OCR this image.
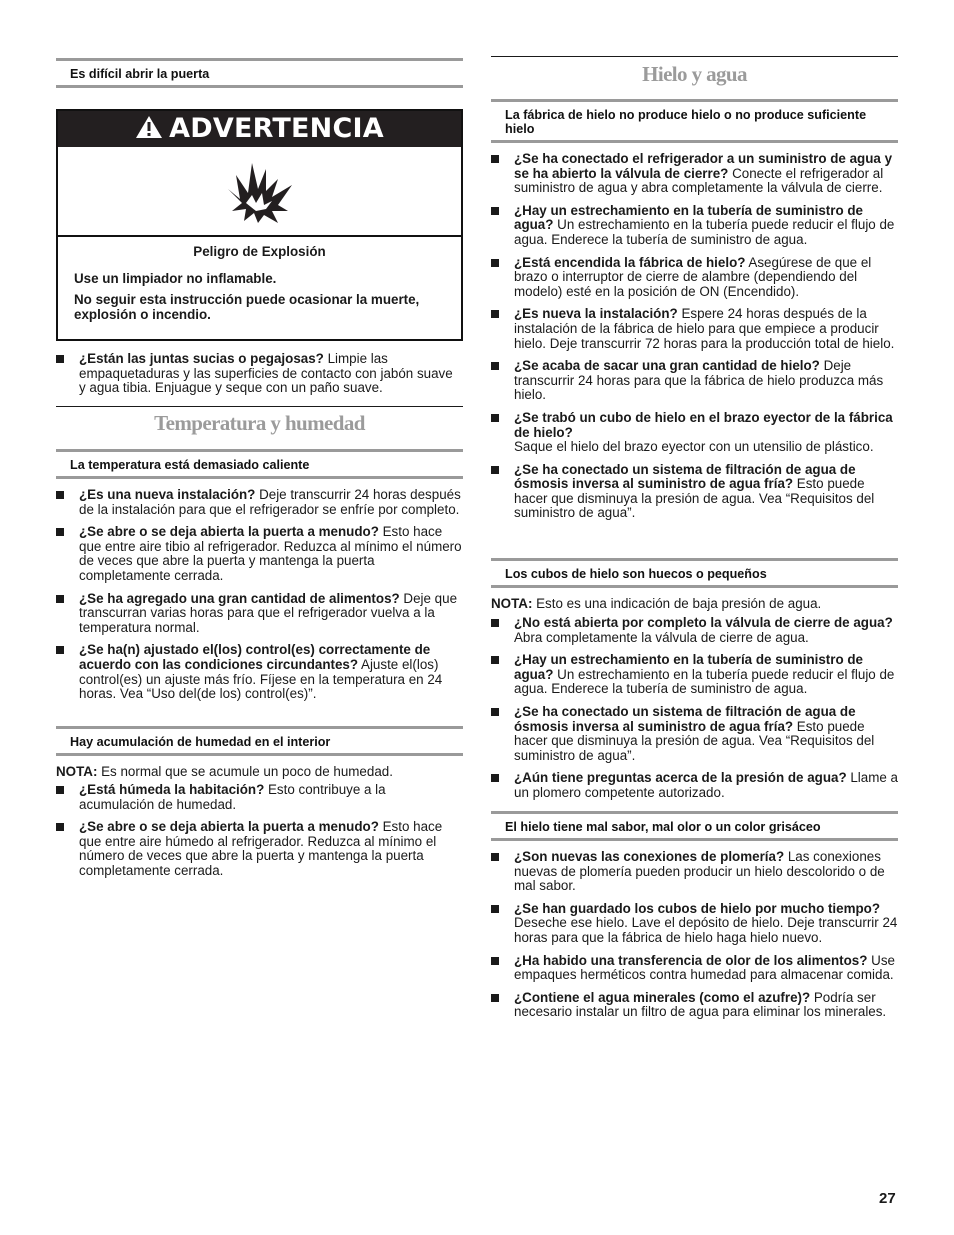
Es difícil abrir la puerta
ADVERTENCIA
Peligro de Explosión

Use un limpiador no inflamable.

No seguir esta instrucción puede ocasionar la muerte, explosión o incendio.

¿Están las juntas sucias o pegajosas? Limpie las empaquetaduras y las superficies de contacto con jabón suave y agua tibia. Enjuague y seque con un paño suave.
Temperatura y humedad
La temperatura está demasiado caliente
¿Es una nueva instalación? Deje transcurrir 24 horas después de la instalación para que el refrigerador se enfríe por completo.
¿Se abre o se deja abierta la puerta a menudo? Esto hace que entre aire tibio al refrigerador. Reduzca al mínimo el número de veces que abre la puerta y mantenga la puerta completamente cerrada.
¿Se ha agregado una gran cantidad de alimentos? Deje que transcurran varias horas para que el refrigerador vuelva a la temperatura normal.
¿Se ha(n) ajustado el(los) control(es) correctamente de acuerdo con las condiciones circundantes? Ajuste el(los) control(es) un ajuste más frío. Fíjese en la temperatura en 24 horas. Vea “Uso del(de los) control(es)”.
Hay acumulación de humedad en el interior
NOTA: Es normal que se acumule un poco de humedad.
¿Está húmeda la habitación? Esto contribuye a la acumulación de humedad.
¿Se abre o se deja abierta la puerta a menudo? Esto hace que entre aire húmedo al refrigerador. Reduzca al mínimo el número de veces que abre la puerta y mantenga la puerta completamente cerrada.
Hielo y agua
La fábrica de hielo no produce hielo o no produce suficiente hielo
¿Se ha conectado el refrigerador a un suministro de agua y se ha abierto la válvula de cierre? Conecte el refrigerador al suministro de agua y abra completamente la válvula de cierre.
¿Hay un estrechamiento en la tubería de suministro de agua? Un estrechamiento en la tubería puede reducir el flujo de agua. Enderece la tubería de suministro de agua.
¿Está encendida la fábrica de hielo? Asegúrese de que el brazo o interruptor de cierre de alambre (dependiendo del modelo) esté en la posición de ON (Encendido).
¿Es nueva la instalación? Espere 24 horas después de la instalación de la fábrica de hielo para que empiece a producir hielo. Deje transcurrir 72 horas para la producción total de hielo.
¿Se acaba de sacar una gran cantidad de hielo? Deje transcurrir 24 horas para que la fábrica de hielo produzca más hielo.
¿Se trabó un cubo de hielo en el brazo eyector de la fábrica de hielo?
Saque el hielo del brazo eyector con un utensilio de plástico.
¿Se ha conectado un sistema de filtración de agua de ósmosis inversa al suministro de agua fría? Esto puede hacer que disminuya la presión de agua. Vea “Requisitos del suministro de agua”.
Los cubos de hielo son huecos o pequeños
NOTA: Esto es una indicación de baja presión de agua.
¿No está abierta por completo la válvula de cierre de agua? Abra completamente la válvula de cierre de agua.
¿Hay un estrechamiento en la tubería de suministro de agua? Un estrechamiento en la tubería puede reducir el flujo de agua. Enderece la tubería de suministro de agua.
¿Se ha conectado un sistema de filtración de agua de ósmosis inversa al suministro de agua fría? Esto puede hacer que disminuya la presión de agua. Vea “Requisitos del suministro de agua”.
¿Aún tiene preguntas acerca de la presión de agua? Llame a un plomero competente autorizado.
El hielo tiene mal sabor, mal olor o un color grisáceo
¿Son nuevas las conexiones de plomería? Las conexiones nuevas de plomería pueden producir un hielo descolorido o de mal sabor.
¿Se han guardado los cubos de hielo por mucho tiempo? Deseche ese hielo. Lave el depósito de hielo. Deje transcurrir 24 horas para que la fábrica de hielo haga hielo nuevo.
¿Ha habido una transferencia de olor de los alimentos? Use empaques herméticos contra humedad para almacenar comida.
¿Contiene el agua minerales (como el azufre)? Podría ser necesario instalar un filtro de agua para eliminar los minerales.
27
